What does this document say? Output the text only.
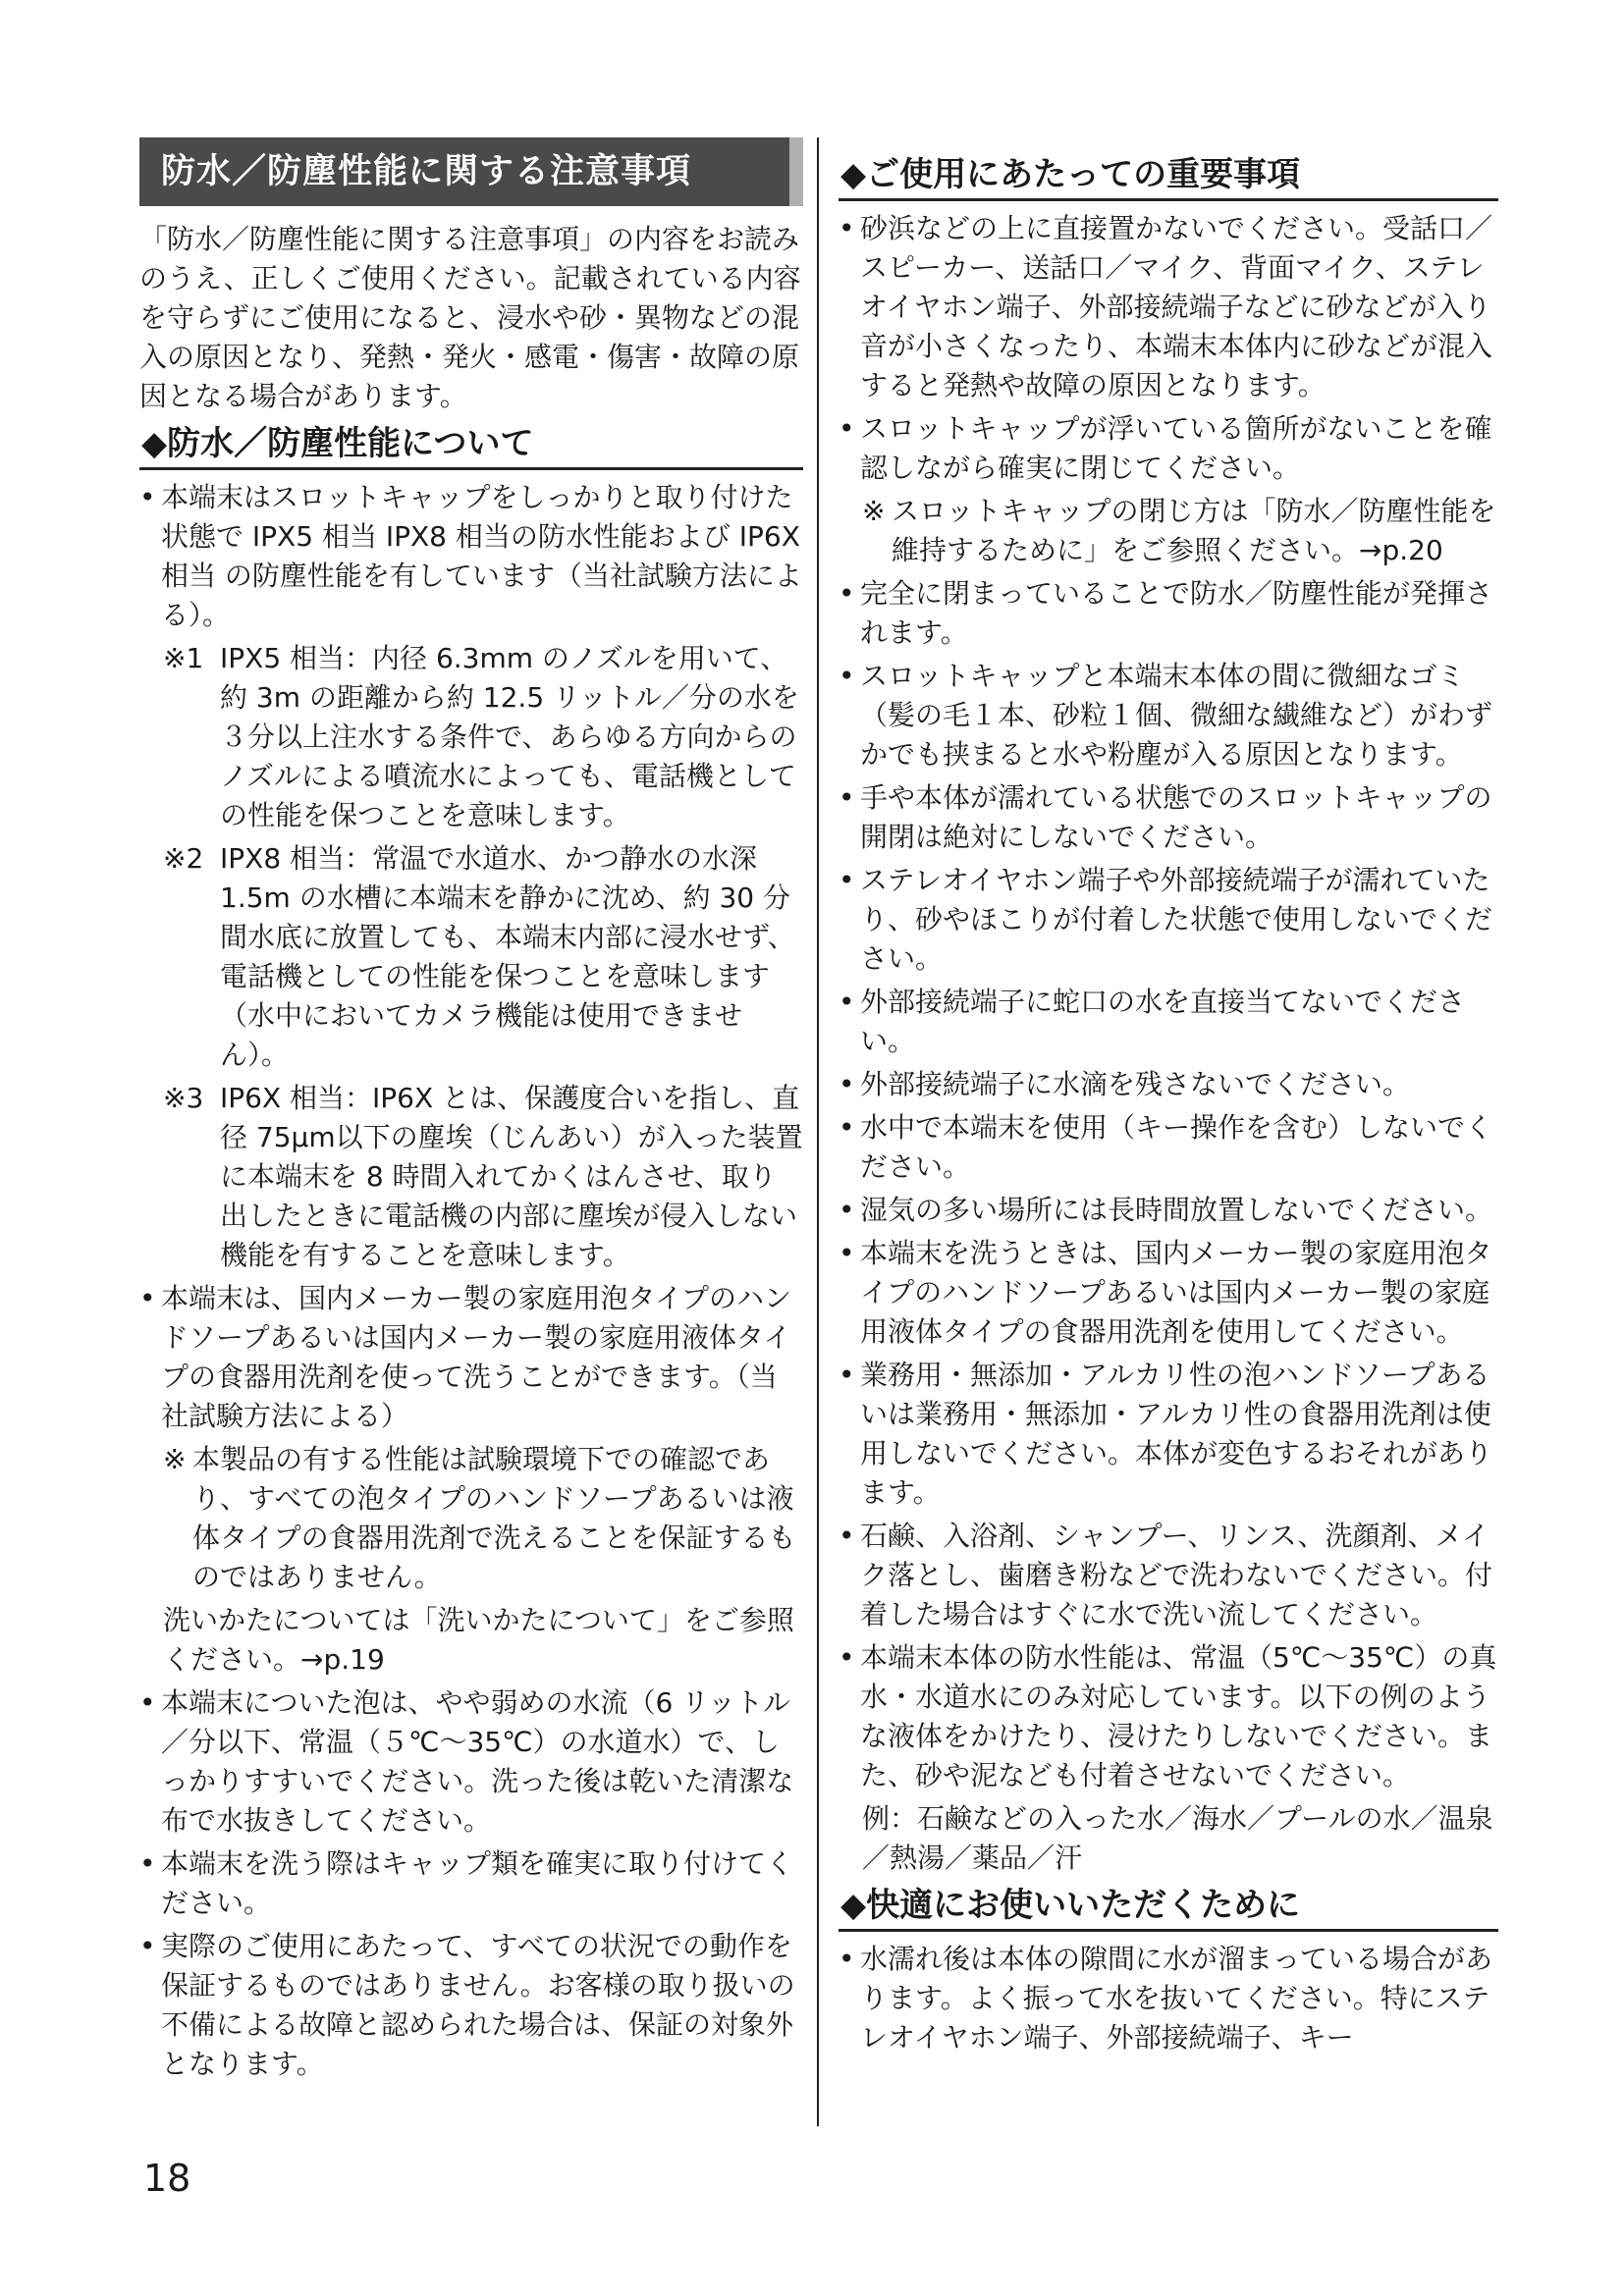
防水／防塵性能に関する注意事項

「防水／防塵性能に関する注意事項」の内容をお読みのうえ、正しくご使用ください。記載されている内容を守らずにご使用になると、浸水や砂・異物などの混入の原因となり、発熱・発火・感電・傷害・故障の原因となる場合があります。

◆防水／防塵性能について

• 本端末はスロットキャップをしっかりと取り付けた状態で IPX5 相当 IPX8 相当の防水性能および IP6X 相当 の防塵性能を有しています（当社試験方法による）。

※1 IPX5 相当：内径 6.3mm のノズルを用いて、約 3m の距離から約 12.5 リットル／分の水を３分以上注水する条件で、あらゆる方向からのノズルによる噴流水によっても、電話機としての性能を保つことを意味します。
※2 IPX8 相当：常温で水道水、かつ静水の水深 1.5m の水槽に本端末を静かに沈め、約 30 分間水底に放置しても、本端末内部に浸水せず、電話機としての性能を保つことを意味します（水中においてカメラ機能は使用できません）。
※3 IP6X 相当：IP6X とは、保護度合いを指し、直径 75μm以下の塵埃（じんあい）が入った装置に本端末を 8 時間入れてかくはんさせ、取り出したときに電話機の内部に塵埃が侵入しない機能を有することを意味します。

• 本端末は、国内メーカー製の家庭用泡タイプのハンドソープあるいは国内メーカー製の家庭用液体タイプの食器用洗剤を使って洗うことができます。（当社試験方法による）

※ 本製品の有する性能は試験環境下での確認であり、すべての泡タイプのハンドソープあるいは液体タイプの食器用洗剤で洗えることを保証するものではありません。

洗いかたについては「洗いかたについて」をご参照ください。→p.19

• 本端末についた泡は、やや弱めの水流（6 リットル／分以下、常温（５℃～35℃）の水道水）で、しっかりすすいでください。洗った後は乾いた清潔な布で水抜きしてください。

• 本端末を洗う際はキャップ類を確実に取り付けてください。

• 実際のご使用にあたって、すべての状況での動作を保証するものではありません。お客様の取り扱いの不備による故障と認められた場合は、保証の対象外となります。

◆ご使用にあたっての重要事項

• 砂浜などの上に直接置かないでください。受話口／スピーカー、送話口／マイク、背面マイク、ステレオイヤホン端子、外部接続端子などに砂などが入り音が小さくなったり、本端末本体内に砂などが混入すると発熱や故障の原因となります。

• スロットキャップが浮いている箇所がないことを確認しながら確実に閉じてください。

※ スロットキャップの閉じ方は「防水／防塵性能を維持するために」をご参照ください。→p.20

• 完全に閉まっていることで防水／防塵性能が発揮されます。

• スロットキャップと本端末本体の間に微細なゴミ（髪の毛１本、砂粒１個、微細な繊維など）がわずかでも挟まると水や粉塵が入る原因となります。

• 手や本体が濡れている状態でのスロットキャップの開閉は絶対にしないでください。

• ステレオイヤホン端子や外部接続端子が濡れていたり、砂やほこりが付着した状態で使用しないでください。

• 外部接続端子に蛇口の水を直接当てないでください。

• 外部接続端子に水滴を残さないでください。

• 水中で本端末を使用（キー操作を含む）しないでください。

• 湿気の多い場所には長時間放置しないでください。

• 本端末を洗うときは、国内メーカー製の家庭用泡タイプのハンドソープあるいは国内メーカー製の家庭用液体タイプの食器用洗剤を使用してください。

• 業務用・無添加・アルカリ性の泡ハンドソープあるいは業務用・無添加・アルカリ性の食器用洗剤は使用しないでください。本体が変色するおそれがあります。

• 石鹸、入浴剤、シャンプー、リンス、洗顔剤、メイク落とし、歯磨き粉などで洗わないでください。付着した場合はすぐに水で洗い流してください。

• 本端末本体の防水性能は、常温（5℃～35℃）の真水・水道水にのみ対応しています。以下の例のような液体をかけたり、浸けたりしないでください。また、砂や泥なども付着させないでください。

例：石鹸などの入った水／海水／プールの水／温泉／熱湯／薬品／汗

◆快適にお使いいただくために

• 水濡れ後は本体の隙間に水が溜まっている場合があります。よく振って水を抜いてください。特にステレオイヤホン端子、外部接続端子、キー

18
